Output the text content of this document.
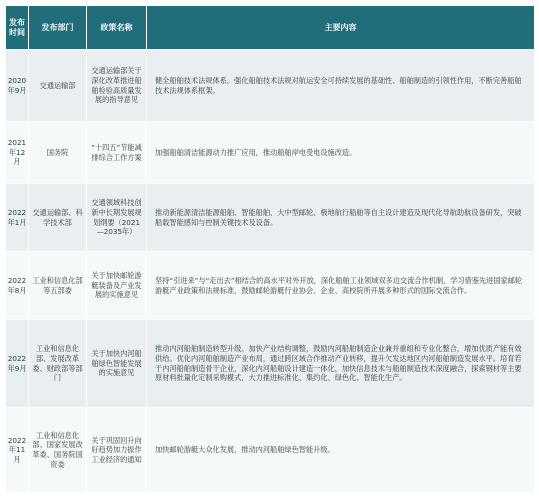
发布时间	发布部门	政策名称	主要内容
2020年9月	交通运输部	交通运输部关于深化改革推进船舶检验高质量发展的指导意见	健全船舶技术法规体系。强化船舶技术法规对航运安全可持续发展的基础性、船舶制造的引领性作用，不断完善船舶技术法规体系框架。
2021年12月	国务院	“十四五”节能减排综合工作方案	加强船舶清洁能源动力推广应用，推动船舶岸电受电设施改造。
2022年1月	交通运输部、科学技术部	交通领域科技创新中长期发展规划纲要（2021—2035年）	推动新能源清洁能源船舶、智能船舶、大中型邮轮、极地航行船舶等自主设计建造及现代化导航助航设备研发，突破船载智能感知与控制关键技术及设备。
2022年8月	工业和信息化部等五部委	关于加快邮轮游艇装备及产业发展的实施意见	坚持“引进来”与“走出去”相结合的高水平对外开放，深化船舶工业领域双多边交流合作机制，学习借鉴先进国家邮轮游艇产业政策和法规标准，鼓励邮轮游艇行业协会、企业、高校院所开展多种形式的国际交流合作。
2022年9月	工业和信息化部、发展改革委、财政部等部门	关于加快内河船舶绿色智能发展的实施意见	推动内河船舶制造转型升级。加快产业结构调整，鼓励内河船舶制造企业兼并重组和专业化整合，增加优质产能有效供给。优化内河船舶制造产业布局，通过跨区域合作推动产业转移，提升欠发达地区内河船舶制造发展水平。培育若干内河船舶制造骨干企业，深化内河船舶设计建造一体化，加快信息技术与船舶制造技术深度融合，探索钢材等主要原材料批量化定制采购模式，大力推进标准化、集约化、绿色化、智能化生产。
2022年11月	工业和信息化部、国家发展改革委、国务院国资委	关于巩固回升向好趋势加力振作工业经济的通知	加快邮轮游艇大众化发展，推动内河船舶绿色智能升级。
